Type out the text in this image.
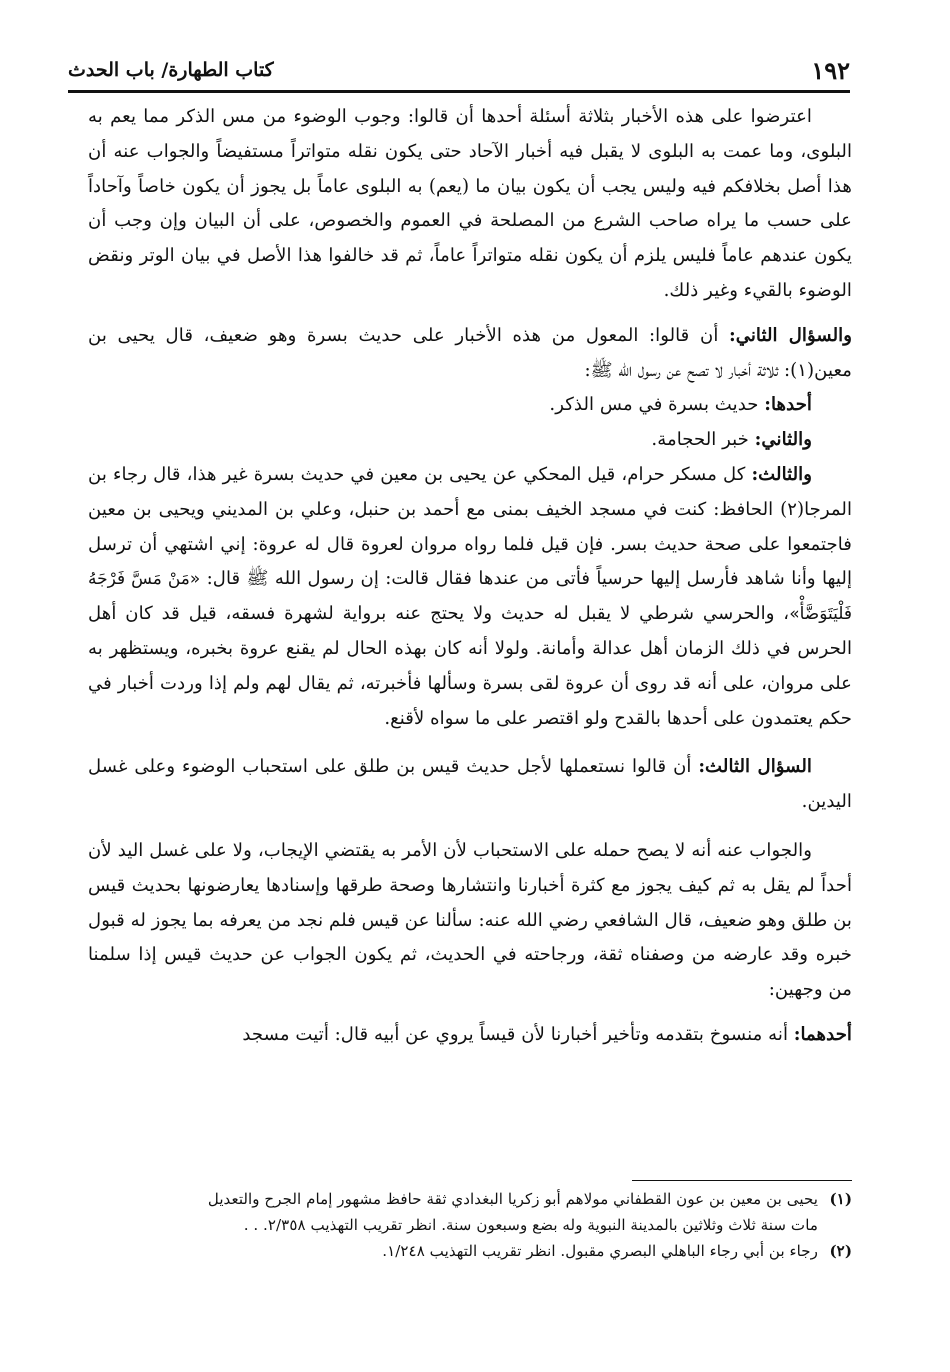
١٩٢
كتاب الطهارة/ باب الحدث

اعترضوا على هذه الأخبار بثلاثة أسئلة أحدها أن قالوا: وجوب الوضوء من مس الذكر مما يعم به البلوى، وما عمت به البلوى لا يقبل فيه أخبار الآحاد حتى يكون نقله متواتراً مستفيضاً والجواب عنه أن هذا أصل بخلافكم فيه وليس يجب أن يكون بيان ما (يعم) به البلوى عاماً بل يجوز أن يكون خاصاً وآحاداً على حسب ما يراه صاحب الشرع من المصلحة في العموم والخصوص، على أن البيان وإن وجب أن يكون عندهم عاماً فليس يلزم أن يكون نقله متواتراً عاماً، ثم قد خالفوا هذا الأصل في بيان الوتر ونقض الوضوء بالقيء وغير ذلك.

والسؤال الثاني: أن قالوا: المعول من هذه الأخبار على حديث بسرة وهو ضعيف، قال يحيى بن معين(١): ثلاثة أخبار لا تصح عن رسول الله ﷺ:

أحدها: حديث بسرة في مس الذكر.

والثاني: خبر الحجامة.

والثالث: كل مسكر حرام، قيل المحكي عن يحيى بن معين في حديث بسرة غير هذا، قال رجاء بن المرجا(٢) الحافظ: كنت في مسجد الخيف بمنى مع أحمد بن حنبل، وعلي بن المديني ويحيى بن معين فاجتمعوا على صحة حديث بسر. فإن قيل فلما رواه مروان لعروة قال له عروة: إني اشتهي أن ترسل إليها وأنا شاهد فأرسل إليها حرسياً فأتى من عندها فقال قالت: إن رسول الله ﷺ قال: «مَنْ مَسَّ فَرْجَهُ فَلْيَتَوَضَّأْ»، والحرسي شرطي لا يقبل له حديث ولا يحتج عنه برواية لشهرة فسقه، قيل قد كان أهل الحرس في ذلك الزمان أهل عدالة وأمانة. ولولا أنه كان بهذه الحال لم يقنع عروة بخبره، ويستظهر به على مروان، على أنه قد روى أن عروة لقى بسرة وسألها فأخبرته، ثم يقال لهم ولم إذا وردت أخبار في حكم يعتمدون على أحدها بالقدح ولو اقتصر على ما سواه لأقنع.

السؤال الثالث: أن قالوا نستعملها لأجل حديث قيس بن طلق على استحباب الوضوء وعلى غسل اليدين.

والجواب عنه أنه لا يصح حمله على الاستحباب لأن الأمر به يقتضي الإيجاب، ولا على غسل اليد لأن أحداً لم يقل به ثم كيف يجوز مع كثرة أخبارنا وانتشارها وصحة طرقها وإسنادها يعارضونها بحديث قيس بن طلق وهو ضعيف، قال الشافعي رضي الله عنه: سألنا عن قيس فلم نجد من يعرفه بما يجوز له قبول خبره وقد عارضه من وصفناه ثقة، ورجاحته في الحديث، ثم يكون الجواب عن حديث قيس إذا سلمنا من وجهين:

أحدهما: أنه منسوخ بتقدمه وتأخير أخبارنا لأن قيساً يروي عن أبيه قال: أتيت مسجد

(١)يحيى بن معين بن عون القطفاني مولاهم أبو زكريا البغدادي ثقة حافظ مشهور إمام الجرح والتعديل

مات سنة ثلاث وثلاثين بالمدينة النبوية وله بضع وسبعون سنة. انظر تقريب التهذيب ٢/٣٥٨. . .

(٢)رجاء بن أبي رجاء الباهلي البصري مقبول. انظر تقريب التهذيب ١/٢٤٨.
